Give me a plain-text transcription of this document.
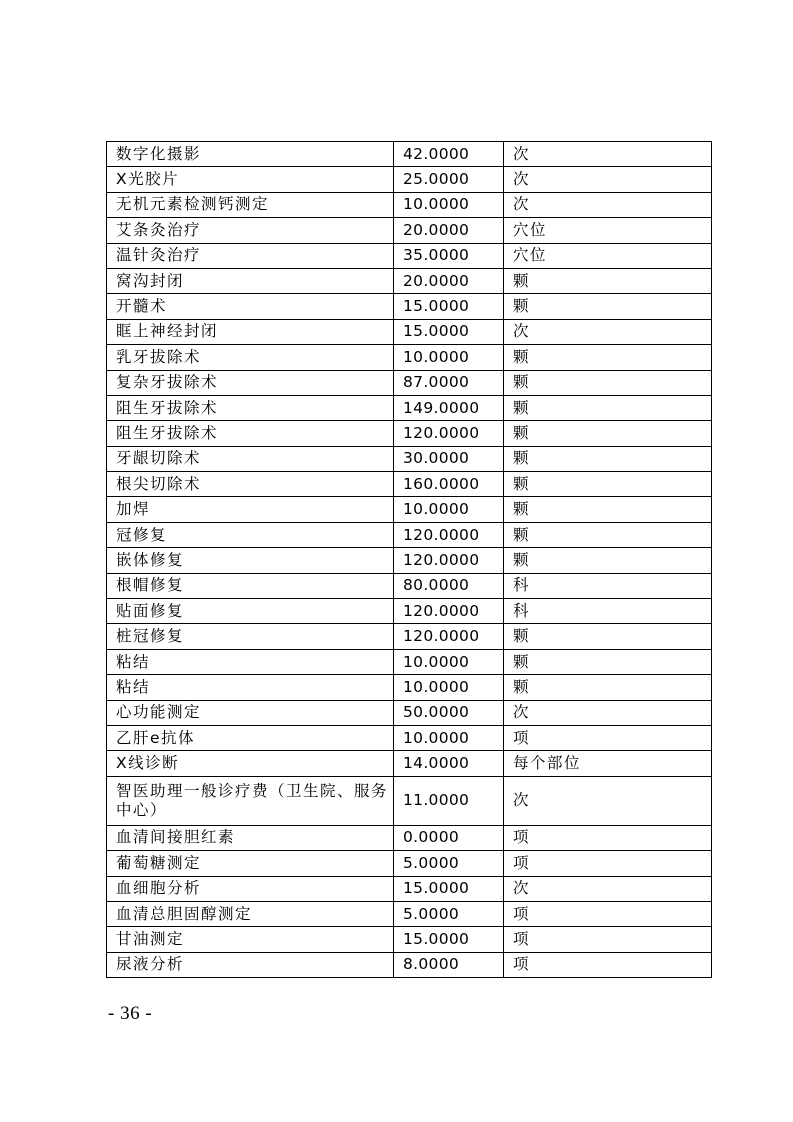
数字化摄影	42.0000	次
X光胶片	25.0000	次
无机元素检测钙测定	10.0000	次
艾条灸治疗	20.0000	穴位
温针灸治疗	35.0000	穴位
窝沟封闭	20.0000	颗
开髓术	15.0000	颗
眶上神经封闭	15.0000	次
乳牙拔除术	10.0000	颗
复杂牙拔除术	87.0000	颗
阻生牙拔除术	149.0000	颗
阻生牙拔除术	120.0000	颗
牙龈切除术	30.0000	颗
根尖切除术	160.0000	颗
加焊	10.0000	颗
冠修复	120.0000	颗
嵌体修复	120.0000	颗
根帽修复	80.0000	科
贴面修复	120.0000	科
桩冠修复	120.0000	颗
粘结	10.0000	颗
粘结	10.0000	颗
心功能测定	50.0000	次
乙肝e抗体	10.0000	项
X线诊断	14.0000	每个部位
智医助理一般诊疗费（卫生院、服务中心）	11.0000	次
血清间接胆红素	0.0000	项
葡萄糖测定	5.0000	项
血细胞分析	15.0000	次
血清总胆固醇测定	5.0000	项
甘油测定	15.0000	项
尿液分析	8.0000	项
- 36 -
